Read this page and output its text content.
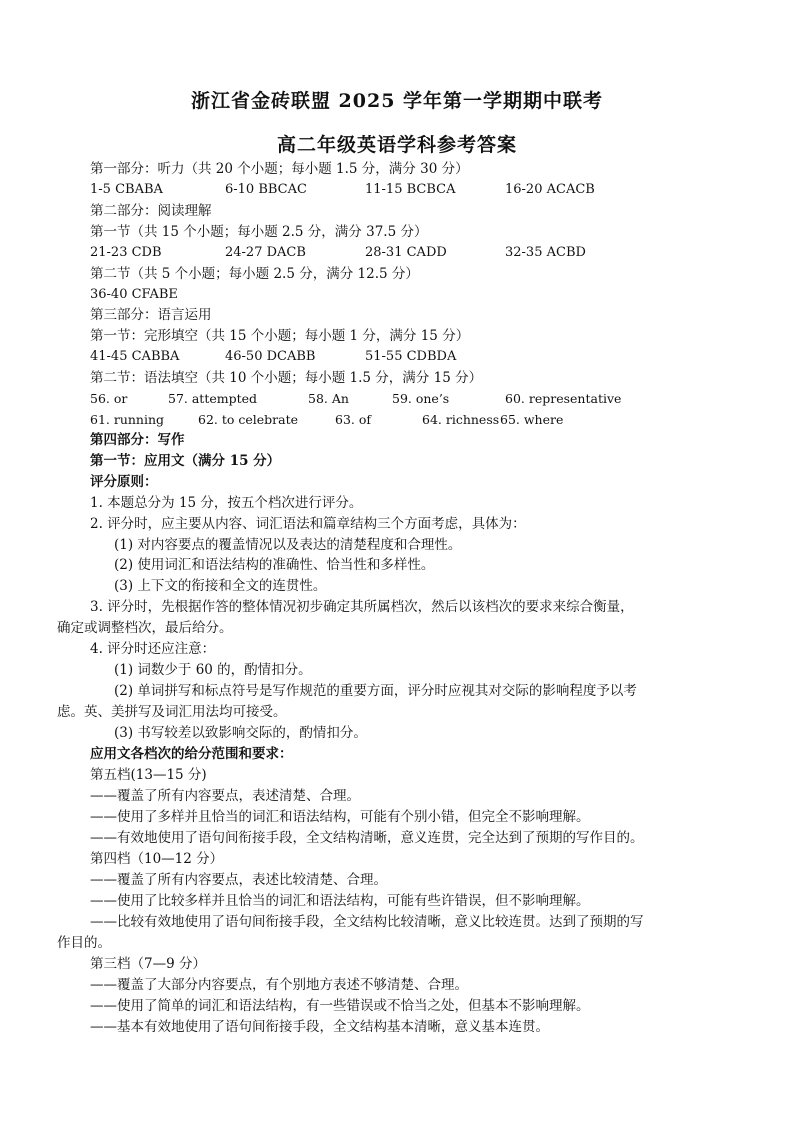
浙江省金砖联盟 2025 学年第一学期期中联考
高二年级英语学科参考答案
第一部分：听力（共 20 个小题；每小题 1.5 分，满分 30 分）
1-5 CBABA	6-10 BBCAC	11-15 BCBCA	16-20 ACACB
第二部分：阅读理解
第一节（共 15 个小题；每小题 2.5 分，满分 37.5 分）
21-23 CDB	24-27 DACB	28-31 CADD	32-35 ACBD
第二节（共 5 个小题；每小题 2.5 分，满分 12.5 分）
36-40 CFABE
第三部分：语言运用
第一节：完形填空（共 15 个小题；每小题 1 分，满分 15 分）
41-45 CABBA	46-50 DCABB	51-55 CDBDA
第二节：语法填空（共 10 个小题；每小题 1.5 分，满分 15 分）
56. or	57. attempted	58. An	59. one’s	60. representative
61. running	62. to celebrate	63. of	64. richness 65. where
第四部分：写作
第一节：应用文（满分 15 分）
评分原则：
1. 本题总分为 15 分，按五个档次进行评分。
2. 评分时，应主要从内容、词汇语法和篇章结构三个方面考虑，具体为：
(1) 对内容要点的覆盖情况以及表达的清楚程度和合理性。
(2) 使用词汇和语法结构的准确性、恰当性和多样性。
(3) 上下文的衔接和全文的连贯性。
3. 评分时，先根据作答的整体情况初步确定其所属档次，然后以该档次的要求来综合衡量，
确定或调整档次，最后给分。
4. 评分时还应注意：
(1) 词数少于 60 的，酌情扣分。
(2) 单词拼写和标点符号是写作规范的重要方面，评分时应视其对交际的影响程度予以考
虑。英、美拼写及词汇用法均可接受。
(3) 书写较差以致影响交际的，酌情扣分。
应用文各档次的给分范围和要求：
第五档(13—15 分)
——覆盖了所有内容要点，表述清楚、合理。
——使用了多样并且恰当的词汇和语法结构，可能有个别小错，但完全不影响理解。
——有效地使用了语句间衔接手段，全文结构清晰，意义连贯，完全达到了预期的写作目的。
第四档（10—12 分）
——覆盖了所有内容要点，表述比较清楚、合理。
——使用了比较多样并且恰当的词汇和语法结构，可能有些许错误，但不影响理解。
——比较有效地使用了语句间衔接手段，全文结构比较清晰，意义比较连贯。达到了预期的写
作目的。
第三档（7—9 分）
——覆盖了大部分内容要点，有个别地方表述不够清楚、合理。
——使用了简单的词汇和语法结构，有一些错误或不恰当之处，但基本不影响理解。
——基本有效地使用了语句间衔接手段，全文结构基本清晰，意义基本连贯。
